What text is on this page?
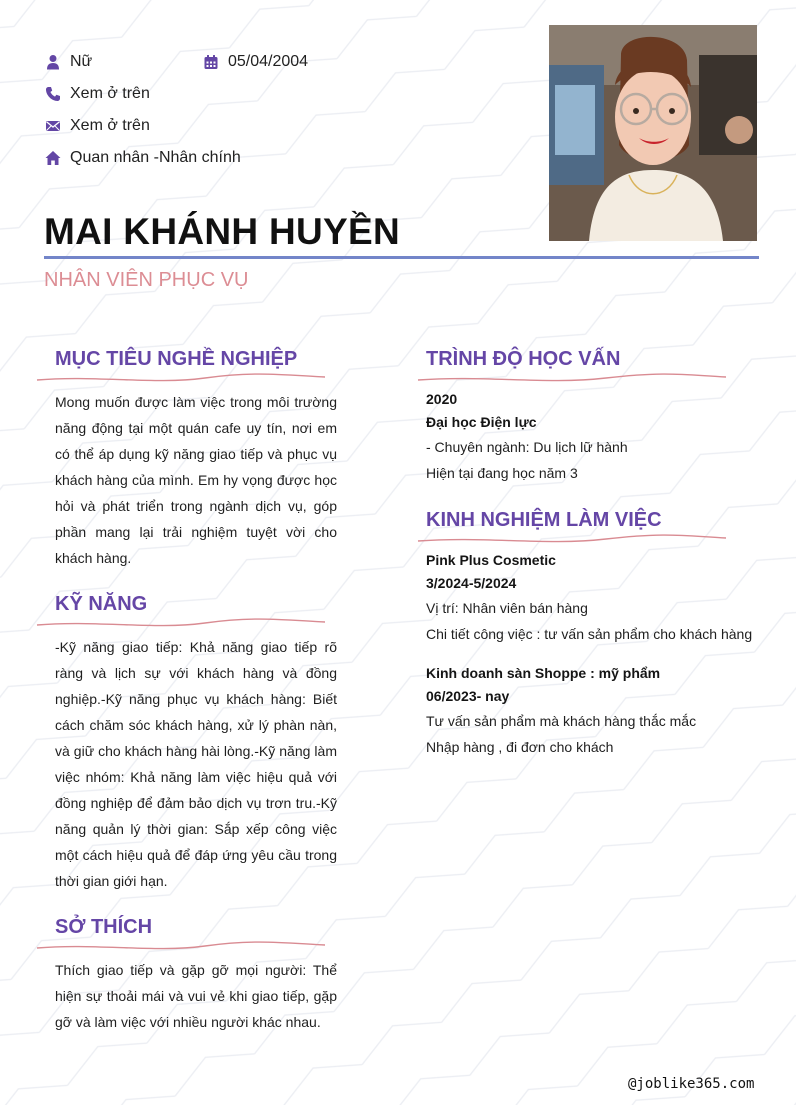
Nữ	05/04/2004
Xem ở trên
Xem ở trên
Quan nhân -Nhân chính
MAI KHÁNH HUYỀN
NHÂN VIÊN PHỤC VỤ
MỤC TIÊU NGHỀ NGHIỆP
Mong muốn được làm việc trong môi trường năng động tại một quán cafe uy tín, nơi em có thể áp dụng kỹ năng giao tiếp và phục vụ khách hàng của mình. Em hy vọng được học hỏi và phát triển trong ngành dịch vụ, góp phần mang lại trải nghiệm tuyệt vời cho khách hàng.
KỸ NĂNG
-Kỹ năng giao tiếp: Khả năng giao tiếp rõ ràng và lịch sự với khách hàng và đồng nghiệp.-Kỹ năng phục vụ khách hàng: Biết cách chăm sóc khách hàng, xử lý phàn nàn, và giữ cho khách hàng hài lòng.-Kỹ năng làm việc nhóm: Khả năng làm việc hiệu quả với đồng nghiệp để đảm bảo dịch vụ trơn tru.-Kỹ năng quản lý thời gian: Sắp xếp công việc một cách hiệu quả để đáp ứng yêu cầu trong thời gian giới hạn.
SỞ THÍCH
Thích giao tiếp và gặp gỡ mọi người: Thể hiện sự thoải mái và vui vẻ khi giao tiếp, gặp gỡ và làm việc với nhiều người khác nhau.
TRÌNH ĐỘ HỌC VẤN
2020
Đại học Điện lực
- Chuyên ngành: Du lịch lữ hành
Hiện tại đang học năm 3
KINH NGHIỆM LÀM VIỆC
Pink Plus Cosmetic
3/2024-5/2024
Vị trí: Nhân viên bán hàng
Chi tiết công việc : tư vấn sản phẩm cho khách hàng
Kinh doanh sàn Shoppe : mỹ phẩm
06/2023- nay
Tư vấn sản phẩm mà khách hàng thắc mắc
Nhập hàng , đi đơn cho khách
@joblike365.com
